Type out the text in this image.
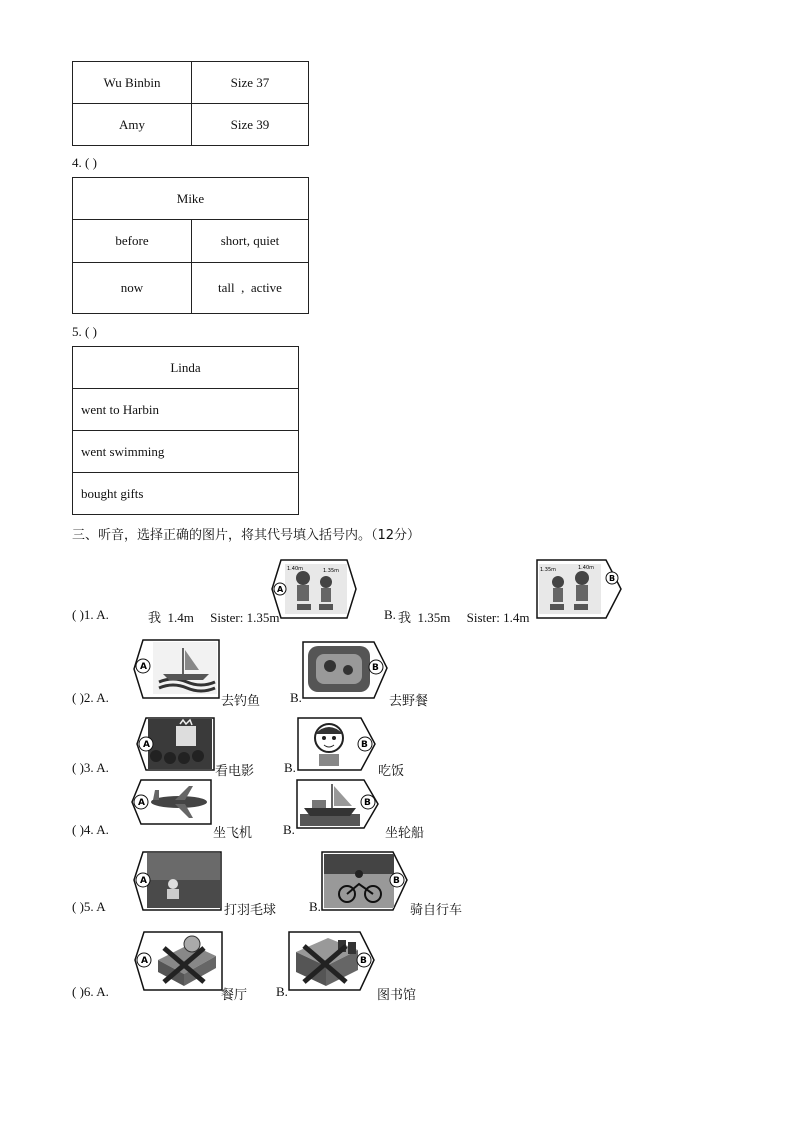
Wu Binbin	Size 37
Amy	Size 39
4. ( )
Mike	
before	short, quiet
now	tall  ,  active
5. ( )
Linda
went to Harbin
went swimming
bought gifts
三、听音，选择正确的图片，将其代号填入括号内。（12分）
( )1. A.	我  1.4m     Sister: 1.35m
1.40m	1.35m
A
B. 我  1.35m     Sister: 1.4m
1.35m	1.40m
B
( )2. A.
A
去钓鱼 B.
B
去野餐
( )3. A.
A
看电影 B.
B
吃饭
( )4. A.
A
坐飞机 B.
B
坐轮船
( )5. A
A
打羽毛球	B.
B
骑自行车
( )6. A.
A
餐厅 B.
B
图书馆
